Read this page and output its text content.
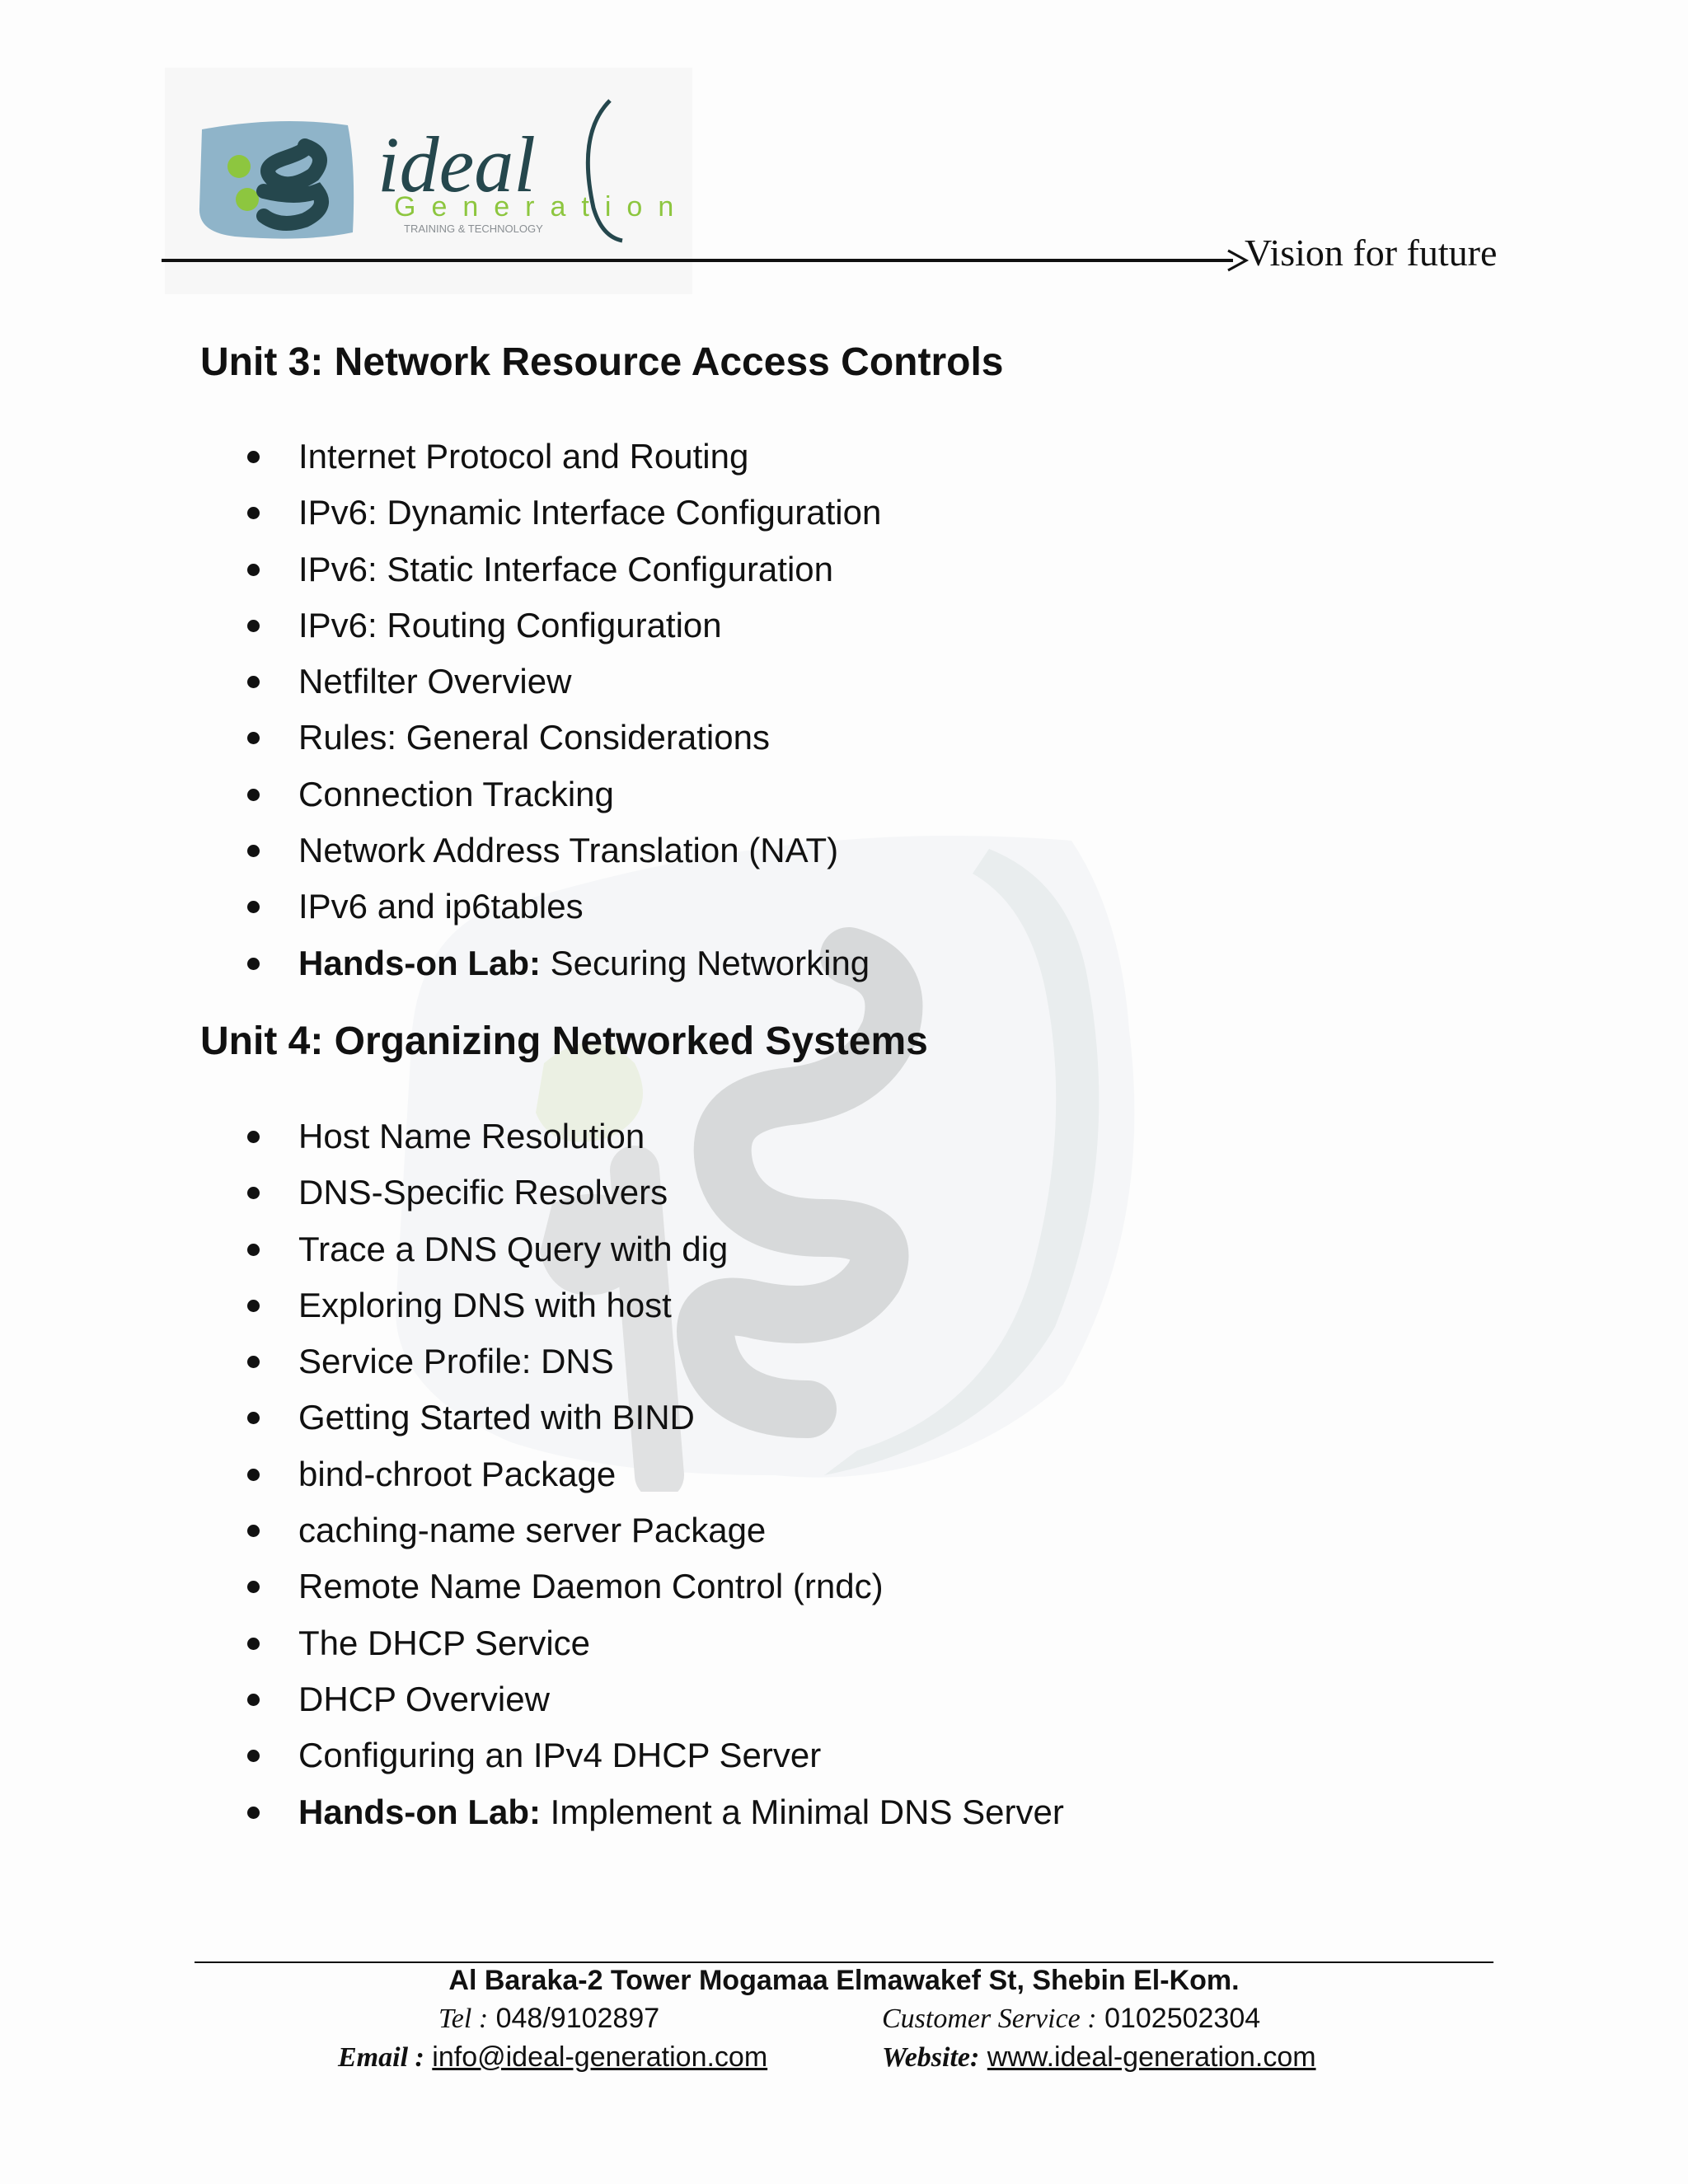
ideal
Generation
TRAINING & TECHNOLOGY
Vision for future
Unit 3: Network Resource Access Controls
Internet Protocol and Routing
IPv6: Dynamic Interface Configuration
IPv6: Static Interface Configuration
IPv6: Routing Configuration
Netfilter Overview
Rules: General Considerations
Connection Tracking
Network Address Translation (NAT)
IPv6 and ip6tables
Hands-on Lab: Securing Networking
Unit 4: Organizing Networked Systems
Host Name Resolution
DNS-Specific Resolvers
Trace a DNS Query with dig
Exploring DNS with host
Service Profile: DNS
Getting Started with BIND
bind-chroot Package
caching-name server Package
Remote Name Daemon Control (rndc)
The DHCP Service
DHCP Overview
Configuring an IPv4 DHCP Server
Hands-on Lab: Implement a Minimal DNS Server
Al Baraka-2 Tower Mogamaa Elmawakef St, Shebin El-Kom.
Tel : 048/9102897	Customer Service : 0102502304
Email : info@ideal-generation.com	Website: www.ideal-generation.com
